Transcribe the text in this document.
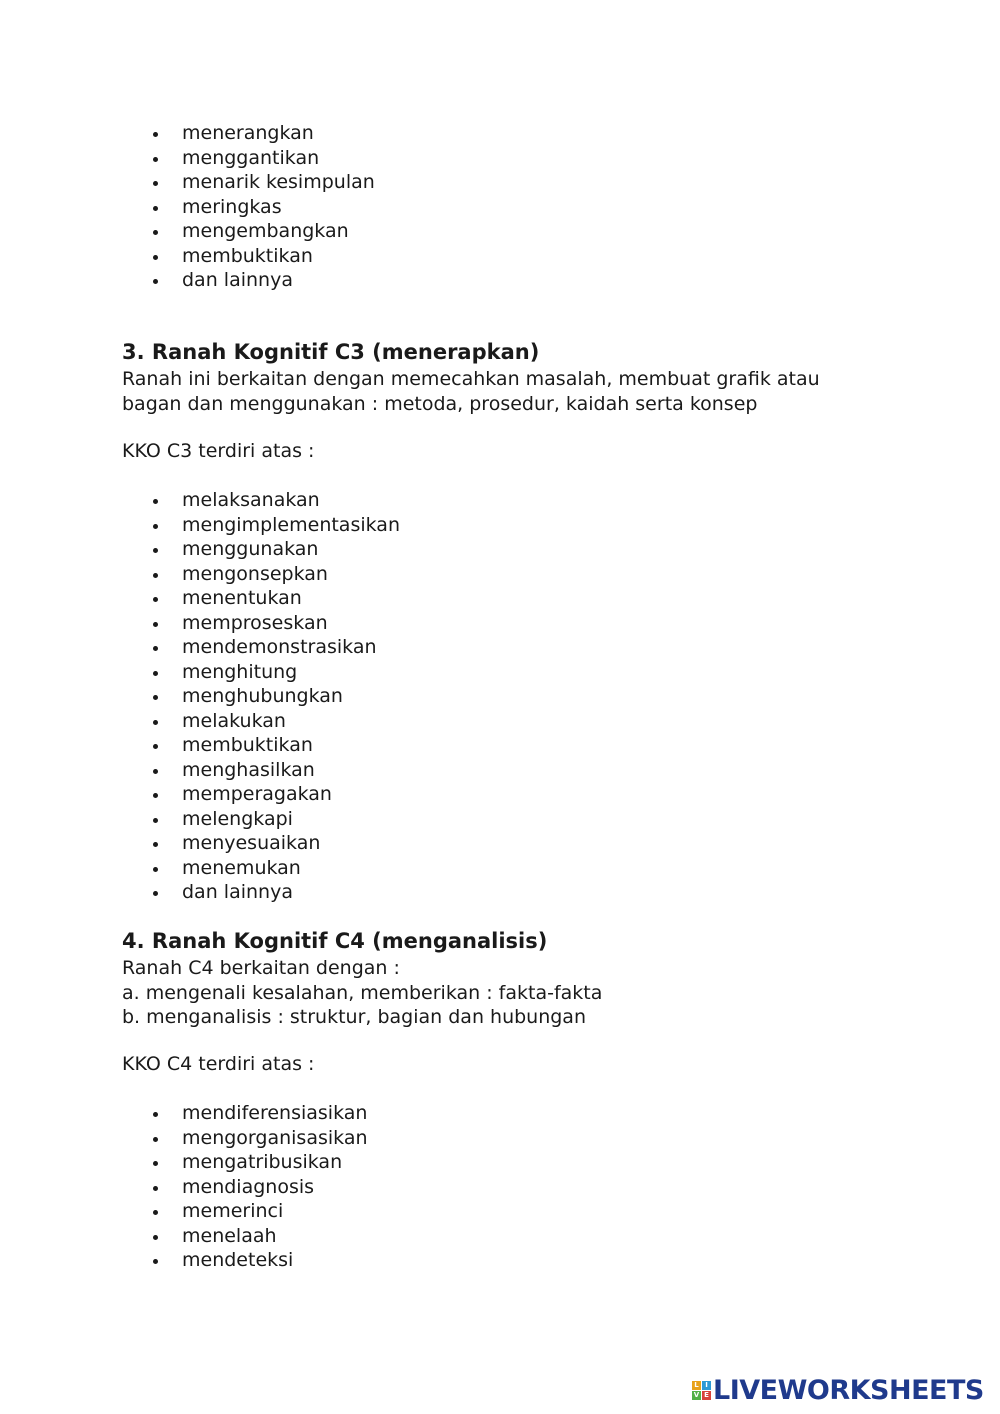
menerangkan
menggantikan
menarik kesimpulan
meringkas
mengembangkan
membuktikan
dan lainnya
3. Ranah Kognitif C3 (menerapkan)

Ranah ini berkaitan dengan memecahkan masalah, membuat grafik atau
bagan dan menggunakan : metoda, prosedur, kaidah serta konsep

KKO C3 terdiri atas :

melaksanakan
mengimplementasikan
menggunakan
mengonsepkan
menentukan
memproseskan
mendemonstrasikan
menghitung
menghubungkan
melakukan
membuktikan
menghasilkan
memperagakan
melengkapi
menyesuaikan
menemukan
dan lainnya
4. Ranah Kognitif C4 (menganalisis)

Ranah C4 berkaitan dengan :
a. mengenali kesalahan, memberikan : fakta-fakta
b. menganalisis : struktur, bagian dan hubungan

KKO C4 terdiri atas :

mendiferensiasikan
mengorganisasikan
mengatribusikan
mendiagnosis
memerinci
menelaah
mendeteksi
L I
V E LIVEWORKSHEETS
